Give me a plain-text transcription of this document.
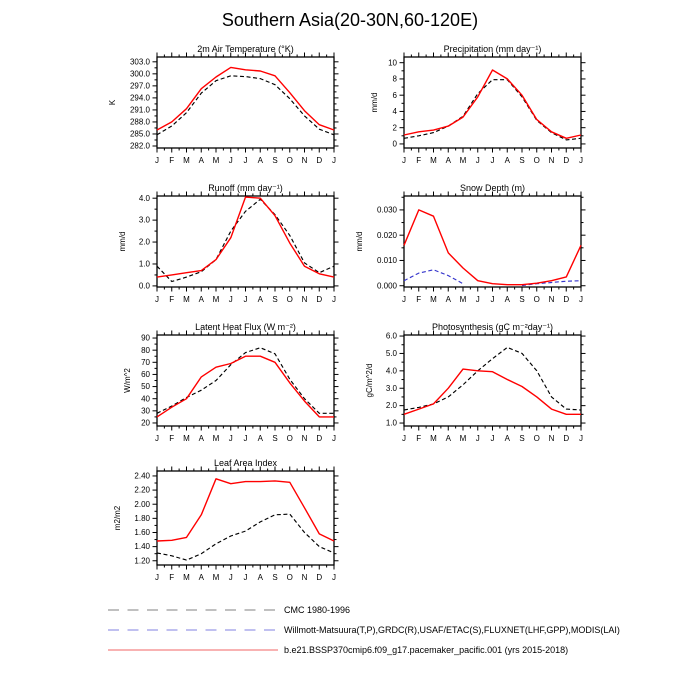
Southern Asia(20-30N,60-120E)
282.0
285.0
288.0
291.0
294.0
297.0
300.0
303.0
J F M A M J J A S O N D J
2m Air Temperature (°K)
K
0
2
4
6
8
10
J F M A M J J A S O N D J
Precipitation (mm day⁻¹)
mm/d
0.0
1.0
2.0
3.0
4.0
J F M A M J J A S O N D J
Runoff (mm day⁻¹)
mm/d
0.000
0.010
0.020
0.030
J F M A M J J A S O N D J
Snow Depth (m)
mm/d
20
30
40
50
60
70
80
90
J F M A M J J A S O N D J
Latent Heat Flux (W m⁻²)
W/m^2
1.0
2.0
3.0
4.0
5.0
6.0
J F M A M J J A S O N D J
Photosynthesis (gC m⁻²day⁻¹)
gC/m^2/d
1.20
1.40
1.60
1.80
2.00
2.20
2.40
J F M A M J J A S O N D J
Leaf Area Index
m2/m2
CMC 1980-1996
Willmott-Matsuura(T,P),GRDC(R),USAF/ETAC(S),FLUXNET(LHF,GPP),MODIS(LAI)
b.e21.BSSP370cmip6.f09_g17.pacemaker_pacific.001 (yrs 2015-2018)
